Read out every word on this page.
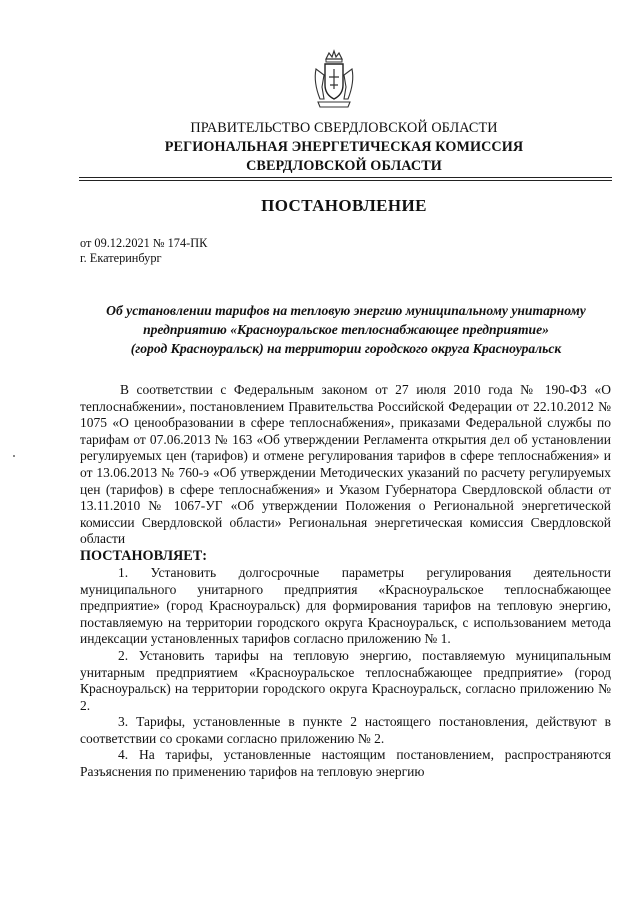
ПРАВИТЕЛЬСТВО СВЕРДЛОВСКОЙ ОБЛАСТИ
РЕГИОНАЛЬНАЯ ЭНЕРГЕТИЧЕСКАЯ КОМИССИЯ
СВЕРДЛОВСКОЙ ОБЛАСТИ
ПОСТАНОВЛЕНИЕ
от 09.12.2021 № 174-ПК
г. Екатеринбург
Об установлении тарифов на тепловую энергию муниципальному унитарному
предприятию «Красноуральское теплоснабжающее предприятие»
(город Красноуральск) на территории городского округа Красноуральск

В соответствии с Федеральным законом от 27 июля 2010 года № 190-ФЗ «О теплоснабжении», постановлением Правительства Российской Федерации от 22.10.2012 № 1075 «О ценообразовании в сфере теплоснабжения», приказами Федеральной службы по тарифам от 07.06.2013 № 163 «Об утверждении Регламента открытия дел об установлении регулируемых цен (тарифов) и отмене регулирования тарифов в сфере теплоснабжения» и от 13.06.2013 № 760-э «Об утверждении Методических указаний по расчету регулируемых цен (тарифов) в сфере теплоснабжения» и Указом Губернатора Свердловской области от 13.11.2010 № 1067-УГ «Об утверждении Положения о Региональной энергетической комиссии Свердловской области» Региональная энергетическая комиссия Свердловской области

ПОСТАНОВЛЯЕТ:

1. Установить долгосрочные параметры регулирования деятельности муниципального унитарного предприятия «Красноуральское теплоснабжающее предприятие» (город Красноуральск) для формирования тарифов на тепловую энергию, поставляемую на территории городского округа Красноуральск, с использованием метода индексации установленных тарифов согласно приложению № 1.

2. Установить тарифы на тепловую энергию, поставляемую муниципальным унитарным предприятием «Красноуральское теплоснабжающее предприятие» (город Красноуральск) на территории городского округа Красноуральск, согласно приложению № 2.

3. Тарифы, установленные в пункте 2 настоящего постановления, действуют в соответствии со сроками согласно приложению № 2.

4. На тарифы, установленные настоящим постановлением, распространяются Разъяснения по применению тарифов на тепловую энергию
